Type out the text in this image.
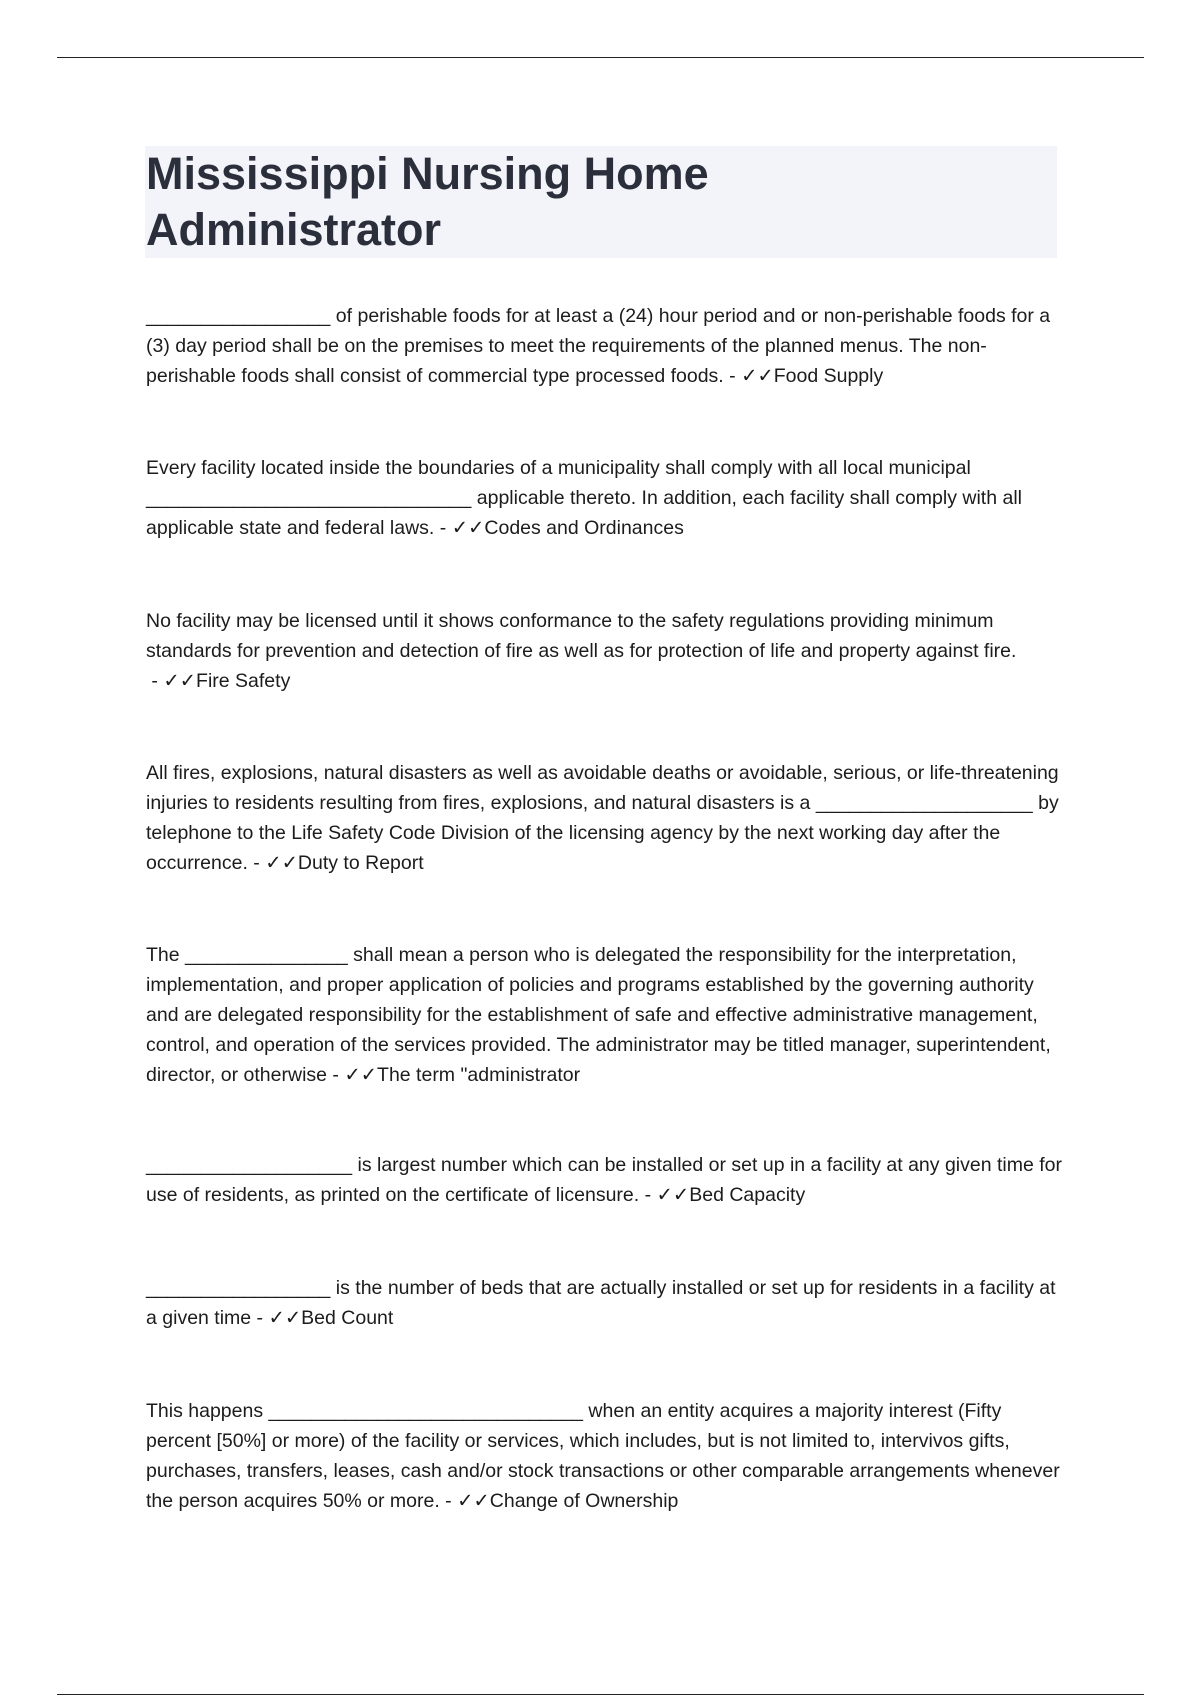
Mississippi Nursing Home
Administrator

_________________ of perishable foods for at least a (24) hour period and or non-perishable foods for a (3) day period shall be on the premises to meet the requirements of the planned menus. The non-perishable foods shall consist of commercial type processed foods. - ✓✓Food Supply

Every facility located inside the boundaries of a municipality shall comply with all local municipal ______________________________ applicable thereto. In addition, each facility shall comply with all applicable state and federal laws. - ✓✓Codes and Ordinances

No facility may be licensed until it shows conformance to the safety regulations providing minimum standards for prevention and detection of fire as well as for protection of life and property against fire. - ✓✓Fire Safety

All fires, explosions, natural disasters as well as avoidable deaths or avoidable, serious, or life-threatening injuries to residents resulting from fires, explosions, and natural disasters is a ____________________ by telephone to the Life Safety Code Division of the licensing agency by the next working day after the occurrence. - ✓✓Duty to Report

The _______________ shall mean a person who is delegated the responsibility for the interpretation, implementation, and proper application of policies and programs established by the governing authority and are delegated responsibility for the establishment of safe and effective administrative management, control, and operation of the services provided. The administrator may be titled manager, superintendent, director, or otherwise - ✓✓The term "administrator

___________________ is largest number which can be installed or set up in a facility at any given time for use of residents, as printed on the certificate of licensure. - ✓✓Bed Capacity

_________________ is the number of beds that are actually installed or set up for residents in a facility at a given time - ✓✓Bed Count

This happens _____________________________ when an entity acquires a majority interest (Fifty percent [50%] or more) of the facility or services, which includes, but is not limited to, intervivos gifts, purchases, transfers, leases, cash and/or stock transactions or other comparable arrangements whenever the person acquires 50% or more. - ✓✓Change of Ownership
